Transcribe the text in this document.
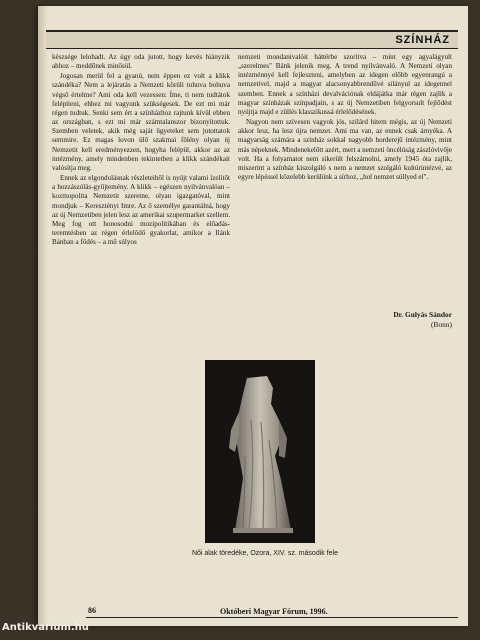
SZÍNHÁZ

készsége lelohadt. Az úgy oda jutott, hogy kevés hiányzik ahhoz – meddőnek minősül.

Jogosan merül fel a gyanú, nem éppen ez volt a klikk szándéka? Nem a lejáratás a Nemzeti körüli tohuva bohuva végső értelme? Ami oda kell vezessen: Íme, ti nem tudtátok felépíteni, ehhez mi vagyunk szükségesek. De ezt mi már régen tudtuk. Senki sem ért a színházhoz rajtunk kívül ebben az országban, s ezt mi már számtalanszor bizonyítottuk. Szemben veletek, akik még saját ügyeteket sem jutottatok semmire. Ez magas lovon ülő szakmai fölény olyan új Nemzetit kell eredményezzen, hogyha felépül, akkor az az intézmény, amely mindenben tekintetben a klikk szándékait valósítja meg.

Ennek az elgondolásnak részleteiből is nyújt valami ízelítőt a hozzászólás-gyűjtemény. A klikk – egészen nyilvánvalóan – kozmopolita Nemzetit szeretne, olyan igazgatóval, mint mondjuk – Keresztényi Imre. Az ő személye garantálná, hogy az új Nemzetiben jelen lesz az amerikai szupermarket szellem. Meg fog ott honosodni mozipolitikában és előadás-teremtésben az régen érlelődő gyakorlat, amikor a Ilánk Bánban a fődés – a mű súlyos

nemzeti mondanivalóit háttérbe szorítva – mint egy agyalágyult „szerelmes" Bánk jelenik meg. A trend nyilvánvaló. A Nemzeti olyan intézménnyé kell fejleszteni, amelyben az idegen előbb egyenrangú a nemzetivel, majd a magyar alacsonyabbrendűvé silányul az idegennel szemben. Ennek a színházi devalvációnak eldájátka már régen zajlik a magyar színházak színpadjain, s az új Nemzetiben felgyorsult fejlődést nyújtja majd e züllés klasszikussá érlelődésének.

Nagyon nem szívesen vagyok jós, szilárd hitem mégis, az új Nemzeti akkor lesz, ha lesz újra nemzet. Ami ma van, az ennek csak árnyéka. A magyarság számára a színház sokkal nagyobb horderejű intézmény, mint más népeknek. Mindenekelőtt azért, mert a nemzeti öncélúság zászlóvivője volt. Ha a folyamatot nem sikerült felszámolni, amely 1945 óta zajlik, miszerint a színház kiszolgáló s nem a nemzet szolgáló kultúrintézvé, az egyre lépéssel közelebb kerülünk a sírhoz, „hol nemzet süllyed el".

Dr. Gulyás Sándor
(Bonn)
Női alak töredéke, Ozora, XIV. sz. második fele
86	Októberi Magyar Fórum, 1996.
Antikvarium.hu
